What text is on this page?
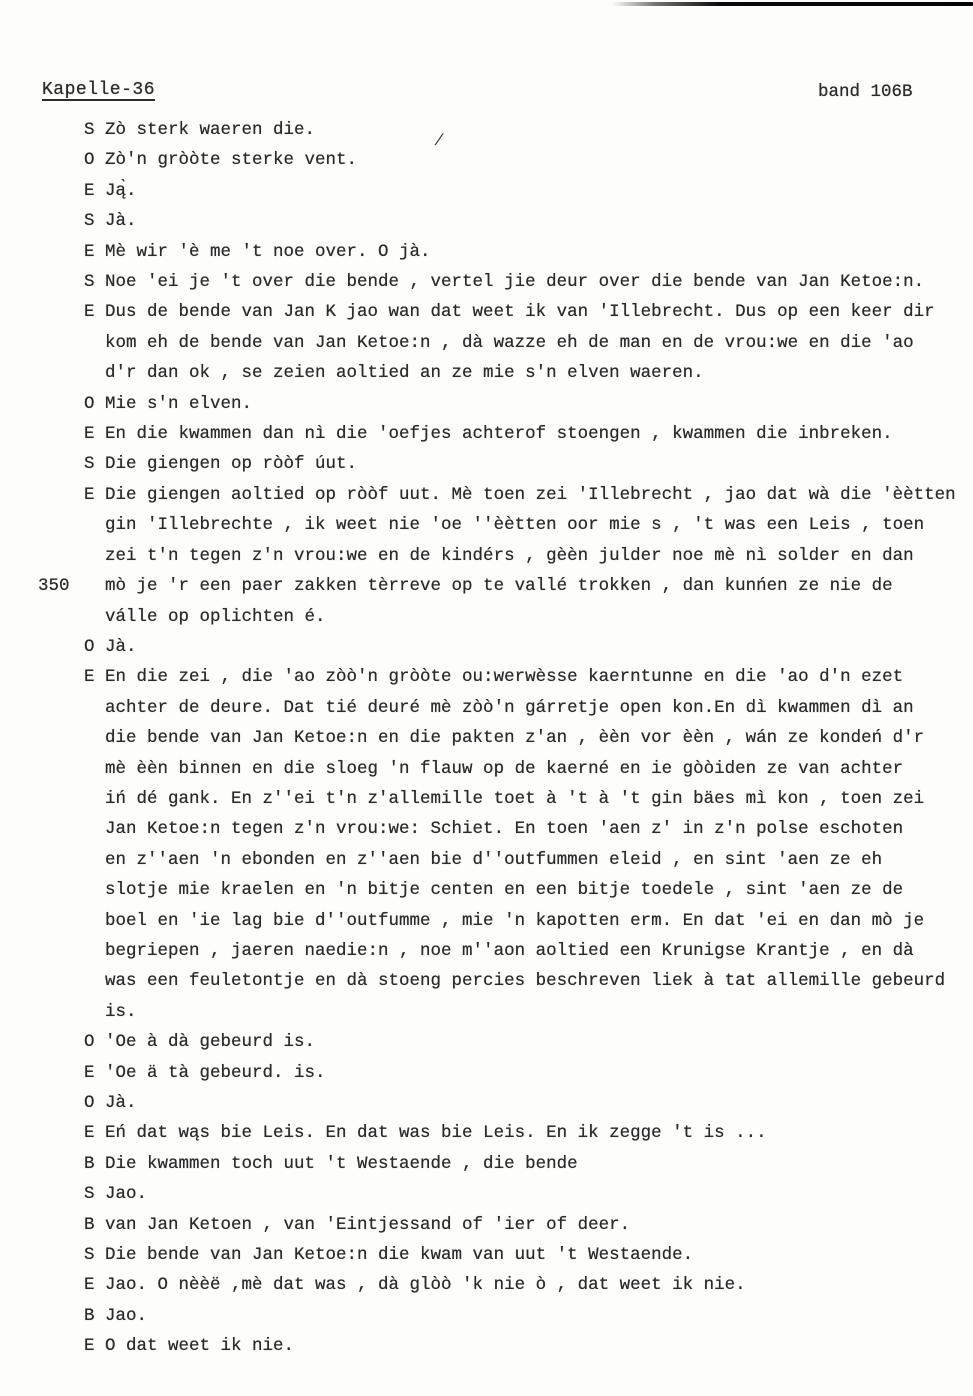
Kapelle-36	band 106B
/
S Zò sterk waeren die.
O Zò'n gròòte sterke vent.
E Ją̀.
S Jà.
E Mè wir 'è me 't noe over. O jà.
S Noe 'ei je 't over die bende , vertel jie deur over die bende van Jan Ketoe:n.
E Dus de bende van Jan K jao wan dat weet ik van 'Illebrecht. Dus op een keer dir
kom eh de bende van Jan Ketoe:n , dà wazze eh de man en de vrou:we en die 'ao
d'r dan ok , se zeien aoltied an ze mie s'n elven waeren.
O Mie s'n elven.
E En die kwammen dan nì die 'oefjes achterof stoengen , kwammen die inbreken.
S Die giengen op ròòf úut.
E Die giengen aoltied op ròòf uut. Mè toen zei 'Illebrecht , jao dat wà die 'èètten
gin 'Illebrechte , ik weet nie 'oe ''èètten oor mie s , 't was een Leis , toen
zei t'n tegen z'n vrou:we en de kindérs , gèèn julder noe mè nì solder en dan
350 mò je 'r een paer zakken tèrreve op te vallé trokken , dan kunńen ze nie de
válle op oplichten é.
O Jà.
E En die zei , die 'ao zòò'n gròòte ou:werwèsse kaerntunne en die 'ao d'n ezet
achter de deure. Dat tié deuré mè zòò'n gárretje open kon.En dì kwammen dì an
die bende van Jan Ketoe:n en die pakten z'an , èèn vor èèn , wán ze kondeń d'r
mè èèn binnen en die sloeg 'n flauw op de kaerné en ie gòòiden ze van achter
iń dé gank. En z''ei t'n z'allemille toet à 't à 't gin bäes mì kon , toen zei
Jan Ketoe:n tegen z'n vrou:we: Schiet. En toen 'aen z' in z'n polse eschoten
en z''aen 'n ebonden en z''aen bie d''outfummen eleid , en sint 'aen ze eh
slotje mie kraelen en 'n bitje centen en een bitje toedele , sint 'aen ze de
boel en 'ie lag bie d''outfumme , mie 'n kapotten erm. En dat 'ei en dan mò je
begriepen , jaeren naedie:n , noe m''aon aoltied een Krunigse Krantje , en dà
was een feuletontje en dà stoeng percies beschreven liek à tat allemille gebeurd
is.
O 'Oe à dà gebeurd is.
E 'Oe ä tà gebeurd. is.
O Jà.
E Eń dat wąs bie Leis. En dat was bie Leis. En ik zegge 't is ...
B Die kwammen toch uut 't Westaende , die bende
S Jao.
B van Jan Ketoen , van 'Eintjessand of 'ier of deer.
S Die bende van Jan Ketoe:n die kwam van uut 't Westaende.
E Jao. O nèèë ,mè dat was , dà glòò 'k nie ò , dat weet ik nie.
B Jao.
E O dat weet ik nie.
